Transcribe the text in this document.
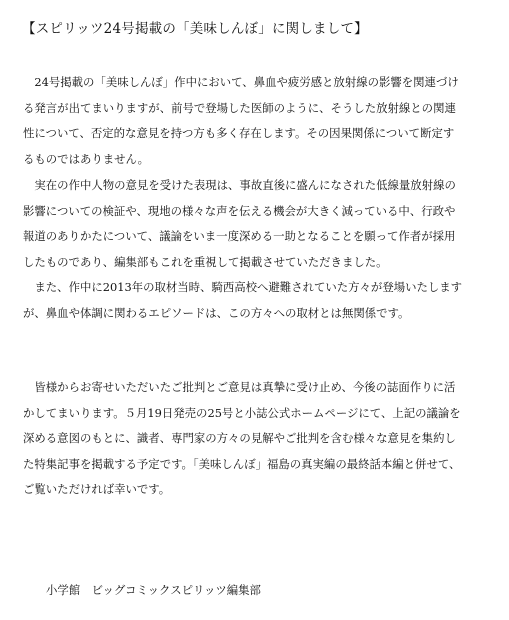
【スピリッツ24号掲載の「美味しんぼ」に関しまして】
　24号掲載の「美味しんぼ」作中において、鼻血や疲労感と放射線の影響を関連づけ
る発言が出てまいりますが、前号で登場した医師のように、そうした放射線との関連
性について、否定的な意見を持つ方も多く存在します。その因果関係について断定す
るものではありません。
　実在の作中人物の意見を受けた表現は、事故直後に盛んになされた低線量放射線の
影響についての検証や、現地の様々な声を伝える機会が大きく減っている中、行政や
報道のありかたについて、議論をいま一度深める一助となることを願って作者が採用
したものであり、編集部もこれを重視して掲載させていただきました。
　また、作中に2013年の取材当時、騎西高校へ避難されていた方々が登場いたします
が、鼻血や体調に関わるエピソードは、この方々への取材とは無関係です。
　皆様からお寄せいただいたご批判とご意見は真摯に受け止め、今後の誌面作りに活
かしてまいります。５月19日発売の25号と小誌公式ホームページにて、上記の議論を
深める意図のもとに、識者、専門家の方々の見解やご批判を含む様々な意見を集約し
た特集記事を掲載する予定です。「美味しんぼ」福島の真実編の最終話本編と併せて、
ご覧いただければ幸いです。
小学館　ビッグコミックスピリッツ編集部
